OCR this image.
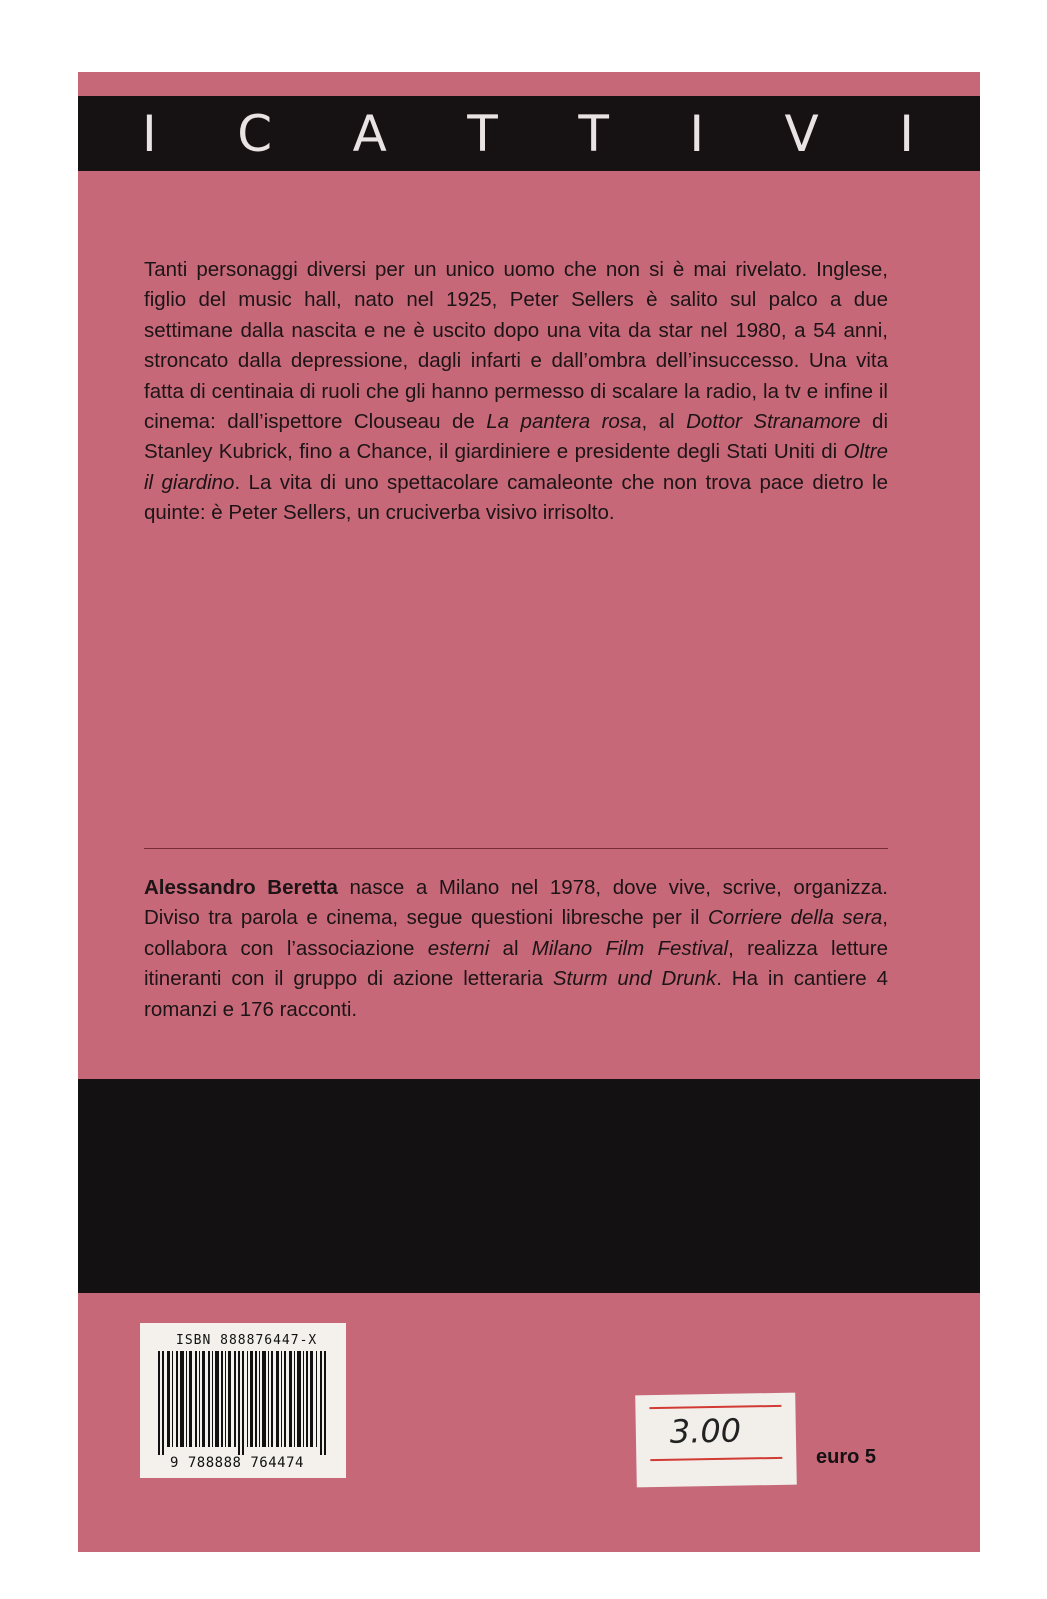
I C A T T I V I

Tanti personaggi diversi per un unico uomo che non si è mai rivelato. Inglese, figlio del music hall, nato nel 1925, Peter Sellers è salito sul palco a due settimane dalla nascita e ne è uscito dopo una vita da star nel 1980, a 54 anni, stroncato dalla depressione, dagli infarti e dall’ombra dell’insuccesso. Una vita fatta di centinaia di ruoli che gli hanno permesso di scalare la radio, la tv e infine il cinema: dall’ispettore Clouseau de La pantera rosa, al Dottor Stranamore di Stanley Kubrick, fino a Chance, il giardiniere e presidente degli Stati Uniti di Oltre il giardino. La vita di uno spettacolare camaleonte che non trova pace dietro le quinte: è Peter Sellers, un cruciverba visivo irrisolto.

Alessandro Beretta nasce a Milano nel 1978, dove vive, scrive, organizza. Diviso tra parola e cinema, segue questioni libresche per il Corriere della sera, collabora con l’associazione esterni al Milano Film Festival, realizza letture itineranti con il gruppo di azione letteraria Sturm und Drunk. Ha in cantiere 4 romanzi e 176 racconti.

ISBN 888876447-X
9 788888 764474
3.00
euro 5
